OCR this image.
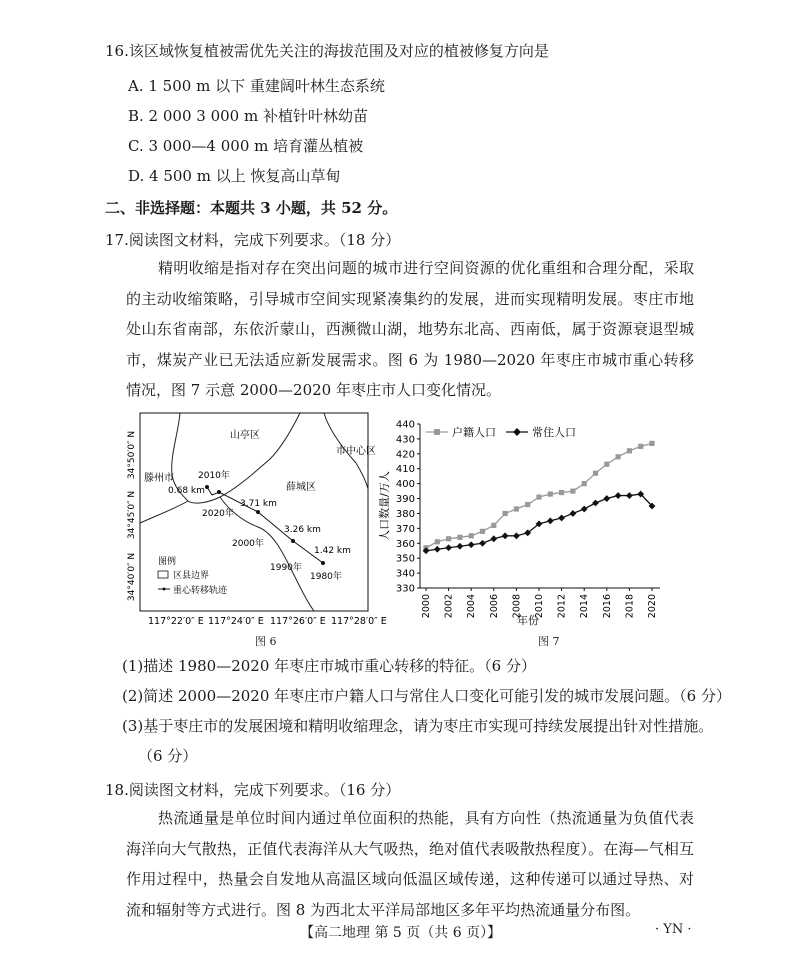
16.该区域恢复植被需优先关注的海拔范围及对应的植被修复方向是
A. 1 500 m 以下 重建阔叶林生态系统
B. 2 000 3 000 m 补植针叶林幼苗
C. 3 000—4 000 m 培育灌丛植被
D. 4 500 m 以上 恢复高山草甸
二、非选择题：本题共 3 小题，共 52 分。
17.阅读图文材料，完成下列要求。（18 分）
精明收缩是指对存在突出问题的城市进行空间资源的优化重组和合理分配，采取的主动收缩策略，引导城市空间实现紧凑集约的发展，进而实现精明发展。枣庄市地处山东省南部，东依沂蒙山，西濒微山湖，地势东北高、西南低，属于资源衰退型城市，煤炭产业已无法适应新发展需求。图 6 为 1980—2020 年枣庄市城市重心转移情况，图 7 示意 2000—2020 年枣庄市人口变化情况。
山亭区
市中心区
滕州市
薛城区
2010年
2020年
2000年
1990年
1980年
0.68 km
3.71 km
3.26 km
1.42 km
图例
区县边界
重心转移轨迹
117°22′0″ E 117°24′0″ E 117°26′0″ E 117°28′0″ E
34°50′0″ N
34°45′0″ N
34°40′0″ N
图 6
330
340
350
360
370
380
390
400
410
420
430
440
2000 2002 2004 2006 2008 2010 2012 2014 2016 2018 2020
人口数量/万人
年份
户籍人口	常住人口
图 7
(1)描述 1980—2020 年枣庄市城市重心转移的特征。（6 分）
(2)简述 2000—2020 年枣庄市户籍人口与常住人口变化可能引发的城市发展问题。（6 分）
(3)基于枣庄市的发展困境和精明收缩理念，请为枣庄市实现可持续发展提出针对性措施。
（6 分）
18.阅读图文材料，完成下列要求。（16 分）
热流通量是单位时间内通过单位面积的热能，具有方向性（热流通量为负值代表海洋向大气散热，正值代表海洋从大气吸热，绝对值代表吸散热程度）。在海—气相互作用过程中，热量会自发地从高温区域向低温区域传递，这种传递可以通过导热、对流和辐射等方式进行。图 8 为西北太平洋局部地区多年平均热流通量分布图。
【高二地理 第 5 页（共 6 页）】	· YN ·
